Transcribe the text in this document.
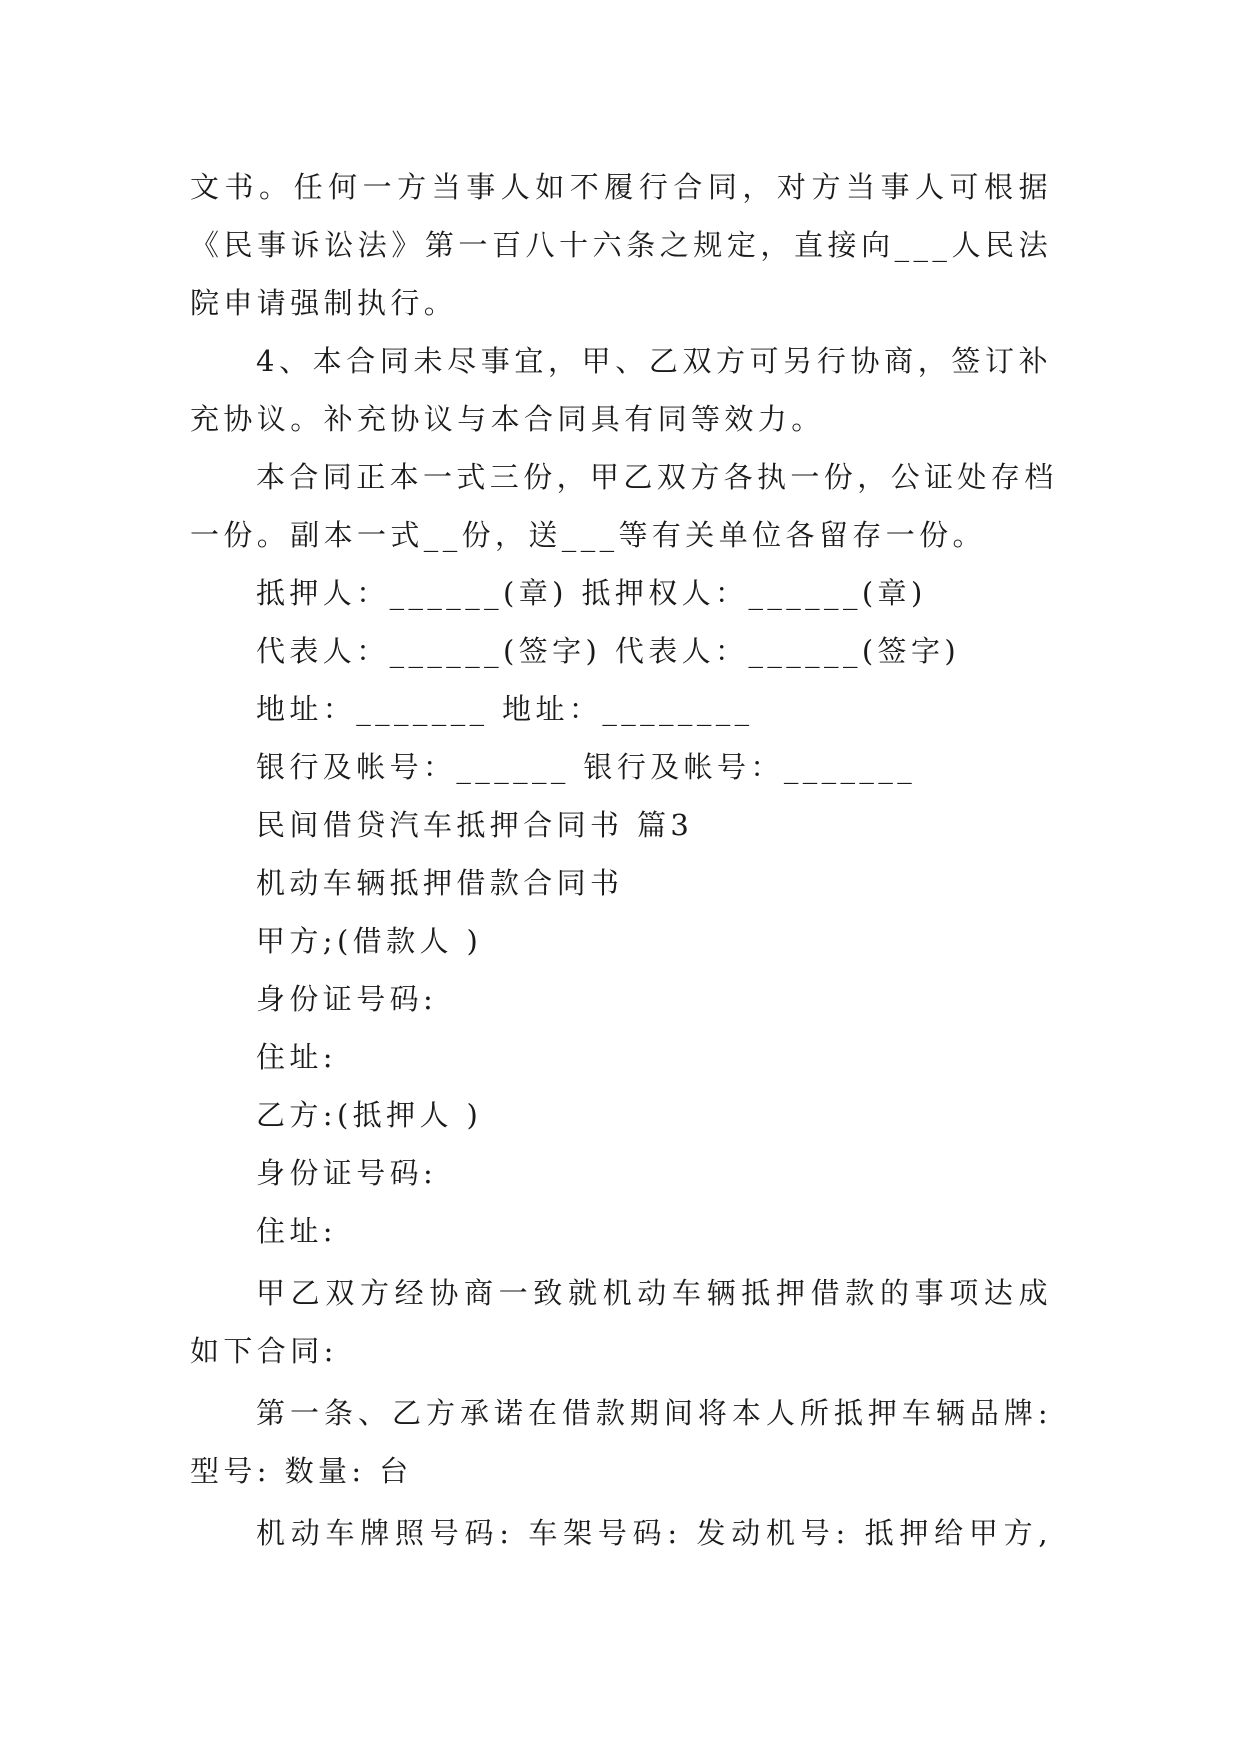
文书。任何一方当事人如不履行合同，对方当事人可根据

《民事诉讼法》第一百八十六条之规定，直接向___人民法

院申请强制执行。

4、本合同未尽事宜，甲、乙双方可另行协商，签订补

充协议。补充协议与本合同具有同等效力。

本合同正本一式三份，甲乙双方各执一份，公证处存档

一份。副本一式__份，送___等有关单位各留存一份。

抵押人：______(章) 抵押权人：______(章)

代表人：______(签字) 代表人：______(签字)

地址：_______ 地址：________

银行及帐号：______ 银行及帐号：_______

民间借贷汽车抵押合同书 篇3

机动车辆抵押借款合同书

甲方;(借款人 )

身份证号码:

住址:

乙方:(抵押人 )

身份证号码:

住址:

甲乙双方经协商一致就机动车辆抵押借款的事项达成

如下合同:

第一条、乙方承诺在借款期间将本人所抵押车辆品牌:

型号: 数量: 台

机动车牌照号码: 车架号码: 发动机号: 抵押给甲方,
